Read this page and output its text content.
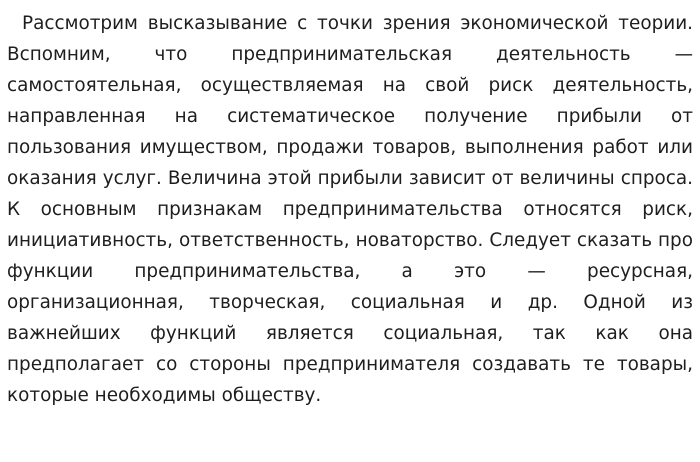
Рассмотрим высказывание с точки зрения экономической теории. Вспомним, что предпринимательская деятельность — самостоятельная, осуществляемая на свой риск деятельность, направленная на систематическое получение прибыли от пользования имуществом, продажи товаров, выполнения работ или оказания услуг. Величина этой прибыли зависит от величины спроса. К основным признакам предпринимательства относятся риск, инициативность, ответственность, новаторство. Следует сказать про функции предпринимательства, а это — ресурсная, организационная, творческая, социальная и др. Одной из важнейших функций является социальная, так как она предполагает со стороны предпринимателя создавать те товары, которые необходимы обществу.
